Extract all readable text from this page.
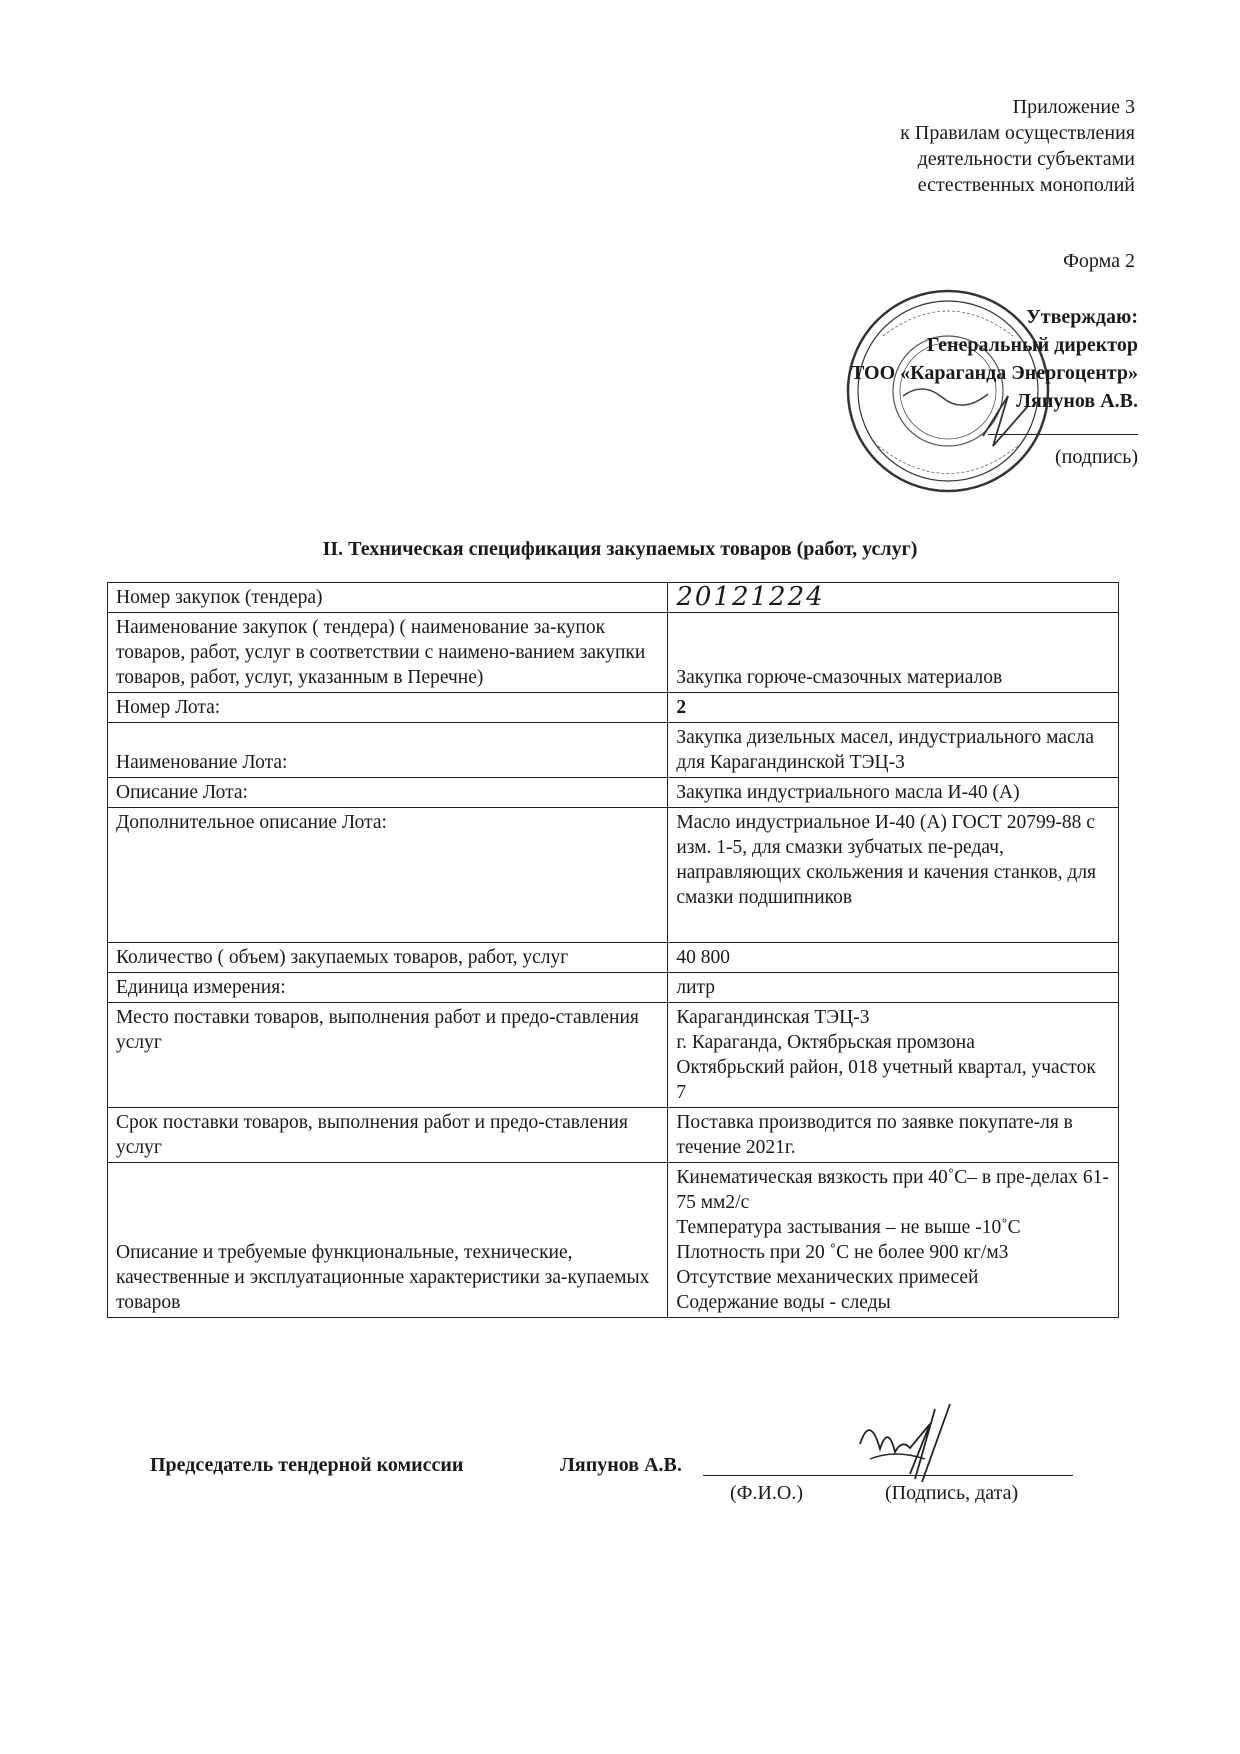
Приложение 3
к Правилам осуществления
деятельности субъектами
естественных монополий
Форма 2
Утверждаю:
Генеральный директор
ТОО «Караганда Энергоцентр»
Ляпунов А.В.
(подпись)
II. Техническая спецификация закупаемых товаров (работ, услуг)
Номер закупок (тендера)	20121224
Наименование закупок ( тендера) ( наименование за-купок товаров, работ, услуг в соответствии с наимено-ванием закупки товаров, работ, услуг, указанным в Перечне)	Закупка горюче-смазочных материалов
Номер Лота:	2
Наименование Лота:	Закупка дизельных масел, индустриального масла для Карагандинской ТЭЦ-3
Описание Лота:	Закупка индустриального масла И-40 (А)
Дополнительное описание Лота:	Масло индустриальное И-40 (А) ГОСТ 20799-88 с изм. 1-5, для смазки зубчатых пе-редач, направляющих скольжения и качения станков, для смазки подшипников
Количество ( объем) закупаемых товаров, работ, услуг	40 800
Единица измерения:	литр
Место поставки товаров, выполнения работ и предо-ставления услуг	Карагандинская ТЭЦ-3
г. Караганда, Октябрьская промзона
Октябрьский район, 018 учетный квартал, участок 7

Срок поставки товаров, выполнения работ и предо-ставления услуг	Поставка производится по заявке покупате-ля в течение 2021г.
Описание и требуемые функциональные, технические, качественные и эксплуатационные характеристики за-купаемых товаров	Кинематическая вязкость при 40˚С– в пре-делах 61-75 мм2/с
Температура застывания – не выше -10˚С
Плотность при 20 ˚С не более 900 кг/м3
Отсутствие механических примесей
Содержание воды - следы
Председатель тендерной комиссии	Ляпунов А.В.
(Ф.И.О.)	(Подпись, дата)
